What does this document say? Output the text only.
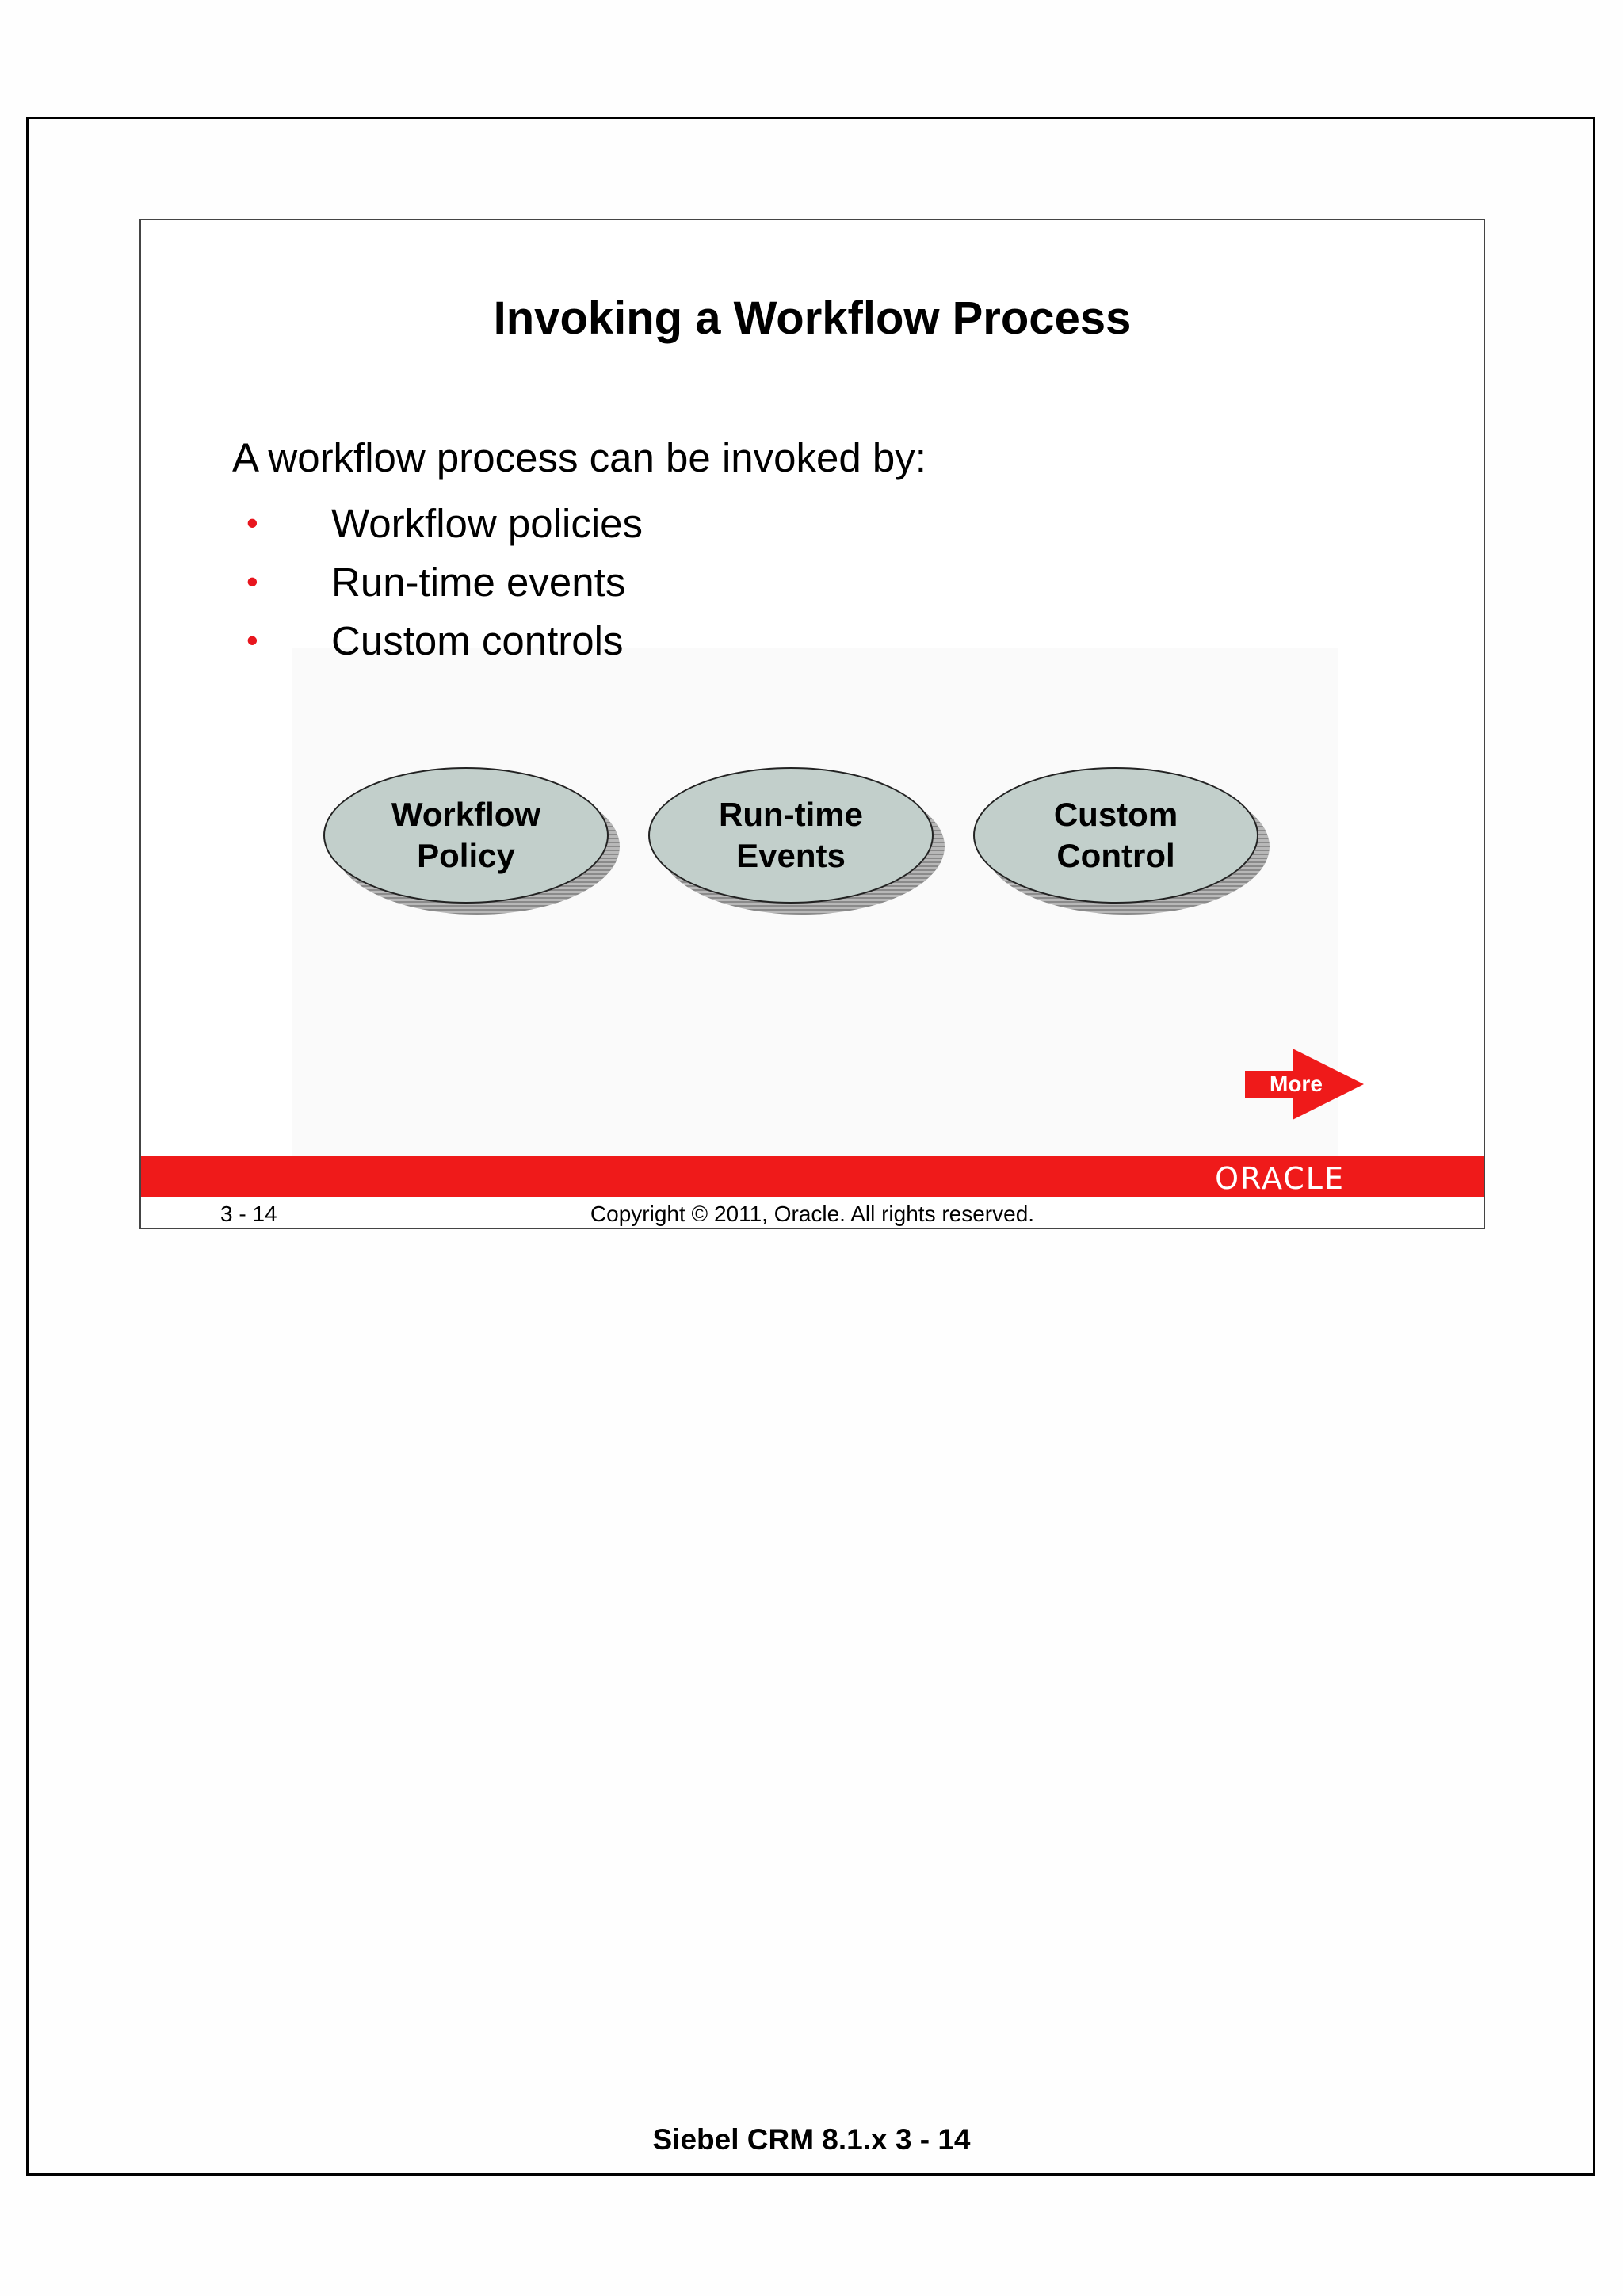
Invoking a Workflow Process

A workflow process can be invoked by:

•	Workflow policies
•	Run-time events
•	Custom controls
Workflow
Policy
Run-time
Events
Custom
Control
More
ORACLE
3 - 14	Copyright © 2011, Oracle. All rights reserved.
Siebel CRM 8.1.x 3 - 14
